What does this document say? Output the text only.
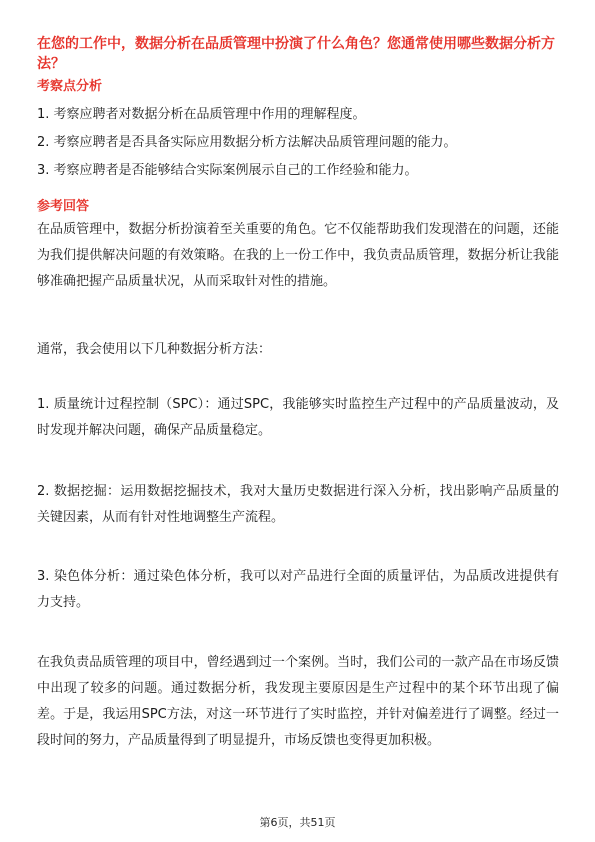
在您的工作中，数据分析在品质管理中扮演了什么角色？您通常使用哪些数据分析方法？
考察点分析
1. 考察应聘者对数据分析在品质管理中作用的理解程度。
2. 考察应聘者是否具备实际应用数据分析方法解决品质管理问题的能力。
3. 考察应聘者是否能够结合实际案例展示自己的工作经验和能力。
参考回答
在品质管理中，数据分析扮演着至关重要的角色。它不仅能帮助我们发现潜在的问题，还能为我们提供解决问题的有效策略。在我的上一份工作中，我负责品质管理，数据分析让我能够准确把握产品质量状况，从而采取针对性的措施。
通常，我会使用以下几种数据分析方法：
1. 质量统计过程控制（SPC）：通过SPC，我能够实时监控生产过程中的产品质量波动，及时发现并解决问题，确保产品质量稳定。
2. 数据挖掘：运用数据挖掘技术，我对大量历史数据进行深入分析，找出影响产品质量的关键因素，从而有针对性地调整生产流程。
3. 染色体分析：通过染色体分析，我可以对产品进行全面的质量评估，为品质改进提供有力支持。
在我负责品质管理的项目中，曾经遇到过一个案例。当时，我们公司的一款产品在市场反馈中出现了较多的问题。通过数据分析，我发现主要原因是生产过程中的某个环节出现了偏差。于是，我运用SPC方法，对这一环节进行了实时监控，并针对偏差进行了调整。经过一段时间的努力，产品质量得到了明显提升，市场反馈也变得更加积极。
第6页，共51页
